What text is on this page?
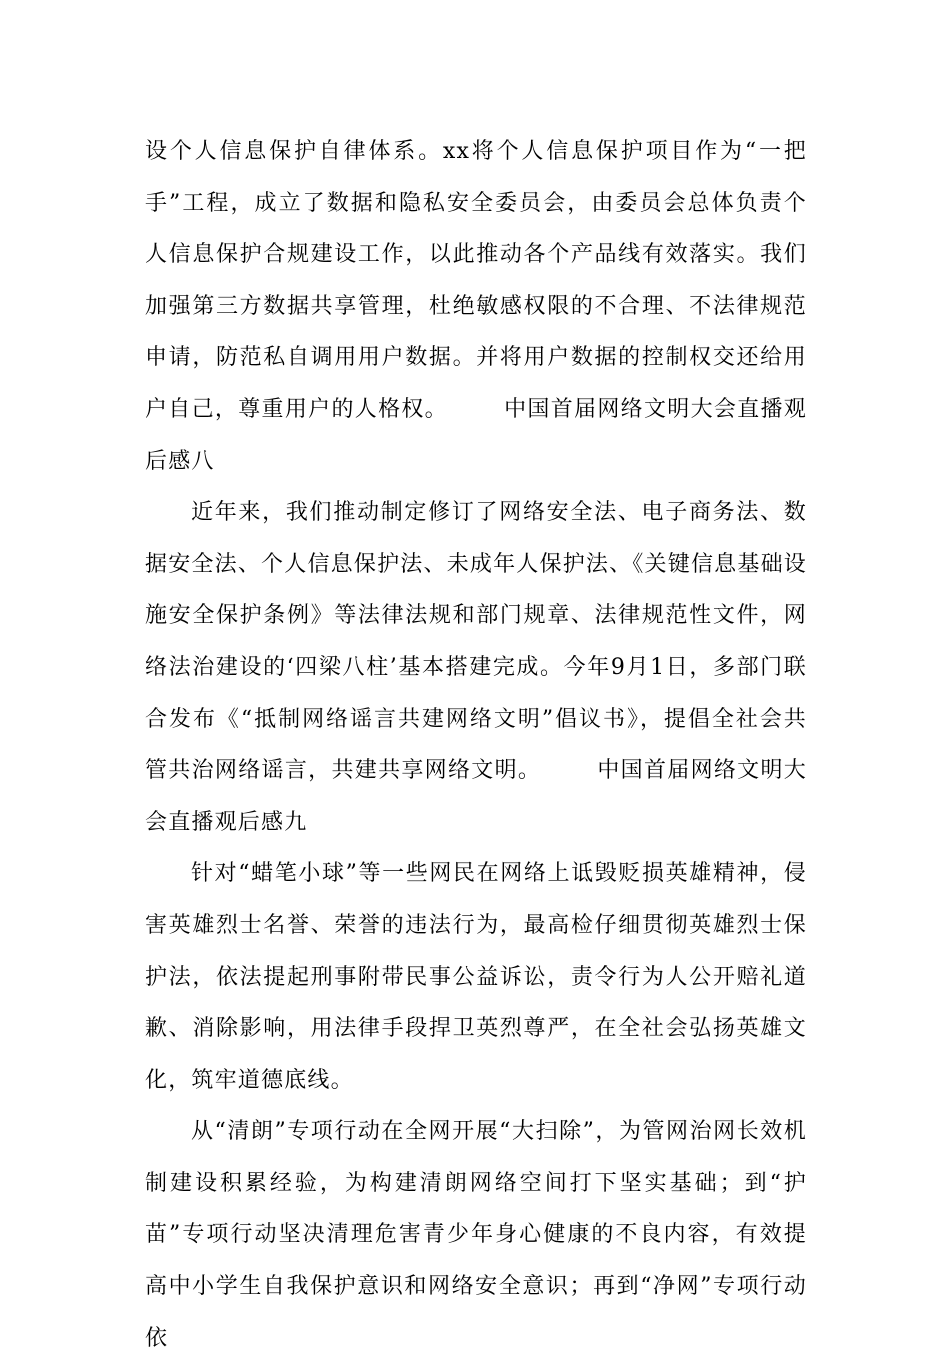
设个人信息保护自律体系。xx将个人信息保护项目作为“一把手”工程，成立了数据和隐私安全委员会，由委员会总体负责个人信息保护合规建设工作，以此推动各个产品线有效落实。我们加强第三方数据共享管理，杜绝敏感权限的不合理、不法律规范申请，防范私自调用用户数据。并将用户数据的控制权交还给用户自己，尊重用户的人格权。	中国首届网络文明大会直播观后感八

近年来，我们推动制定修订了网络安全法、电子商务法、数据安全法、个人信息保护法、未成年人保护法、《关键信息基础设施安全保护条例》等法律法规和部门规章、法律规范性文件，网络法治建设的‘四梁八柱’基本搭建完成。今年9月1日，多部门联合发布《“抵制网络谣言共建网络文明”倡议书》，提倡全社会共管共治网络谣言，共建共享网络文明。	中国首届网络文明大会直播观后感九

针对“蜡笔小球”等一些网民在网络上诋毁贬损英雄精神，侵害英雄烈士名誉、荣誉的违法行为，最高检仔细贯彻英雄烈士保护法，依法提起刑事附带民事公益诉讼，责令行为人公开赔礼道歉、消除影响，用法律手段捍卫英烈尊严，在全社会弘扬英雄文化，筑牢道德底线。

从“清朗”专项行动在全网开展“大扫除”，为管网治网长效机制建设积累经验，为构建清朗网络空间打下坚实基础；到“护苗”专项行动坚决清理危害青少年身心健康的不良内容，有效提高中小学生自我保护意识和网络安全意识；再到“净网”专项行动依
